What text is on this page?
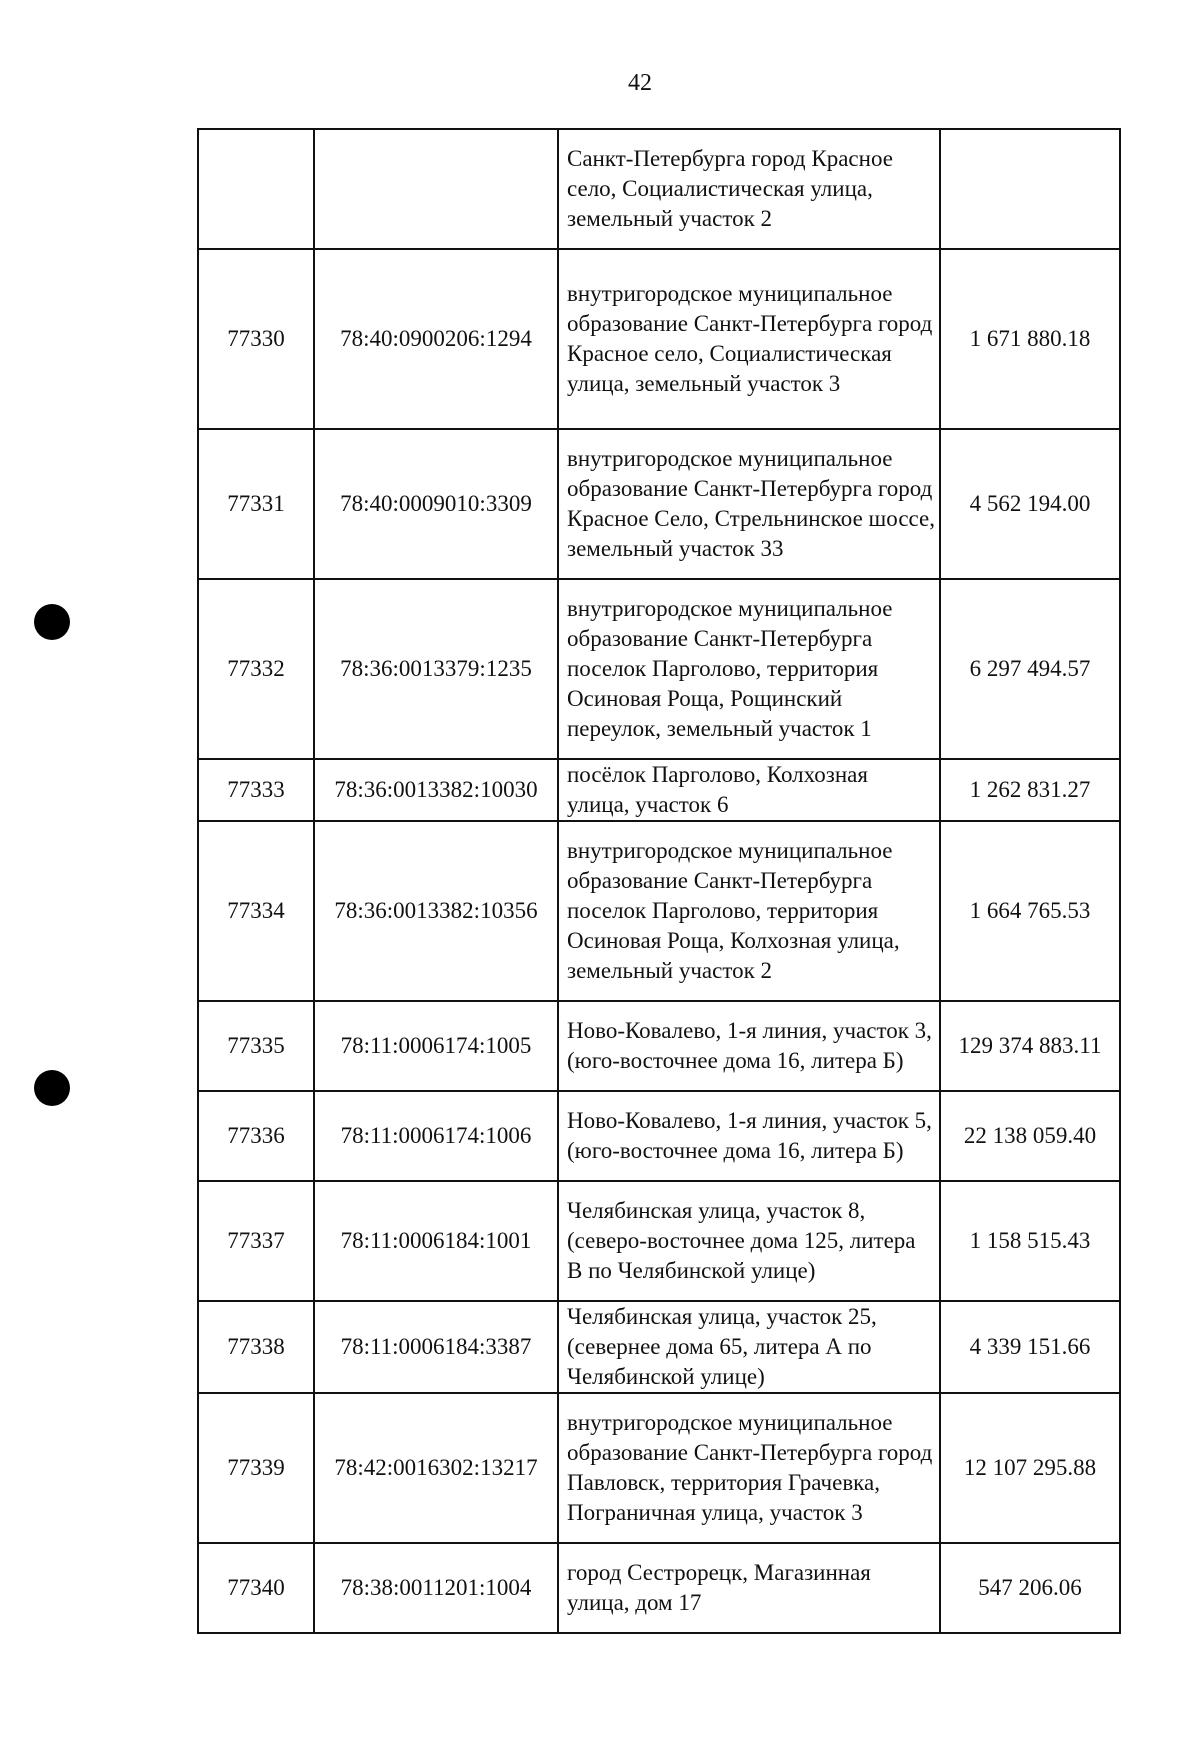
42
		Санкт-Петербурга город Красное село, Социалистическая улица, земельный участок 2	
77330	78:40:0900206:1294	внутригородское муниципальное образование Санкт-Петербурга город Красное село, Социалистическая улица, земельный участок 3	1 671 880.18
77331	78:40:0009010:3309	внутригородское муниципальное образование Санкт-Петербурга город Красное Село, Стрельнинское шоссе, земельный участок 33	4 562 194.00
77332	78:36:0013379:1235	внутригородское муниципальное образование Санкт-Петербурга поселок Парголово, территория Осиновая Роща, Рощинский переулок, земельный участок 1	6 297 494.57
77333	78:36:0013382:10030	посёлок Парголово, Колхозная улица, участок 6	1 262 831.27
77334	78:36:0013382:10356	внутригородское муниципальное образование Санкт-Петербурга поселок Парголово, территория Осиновая Роща, Колхозная улица, земельный участок 2	1 664 765.53
77335	78:11:0006174:1005	Ново-Ковалево, 1-я линия, участок 3, (юго-восточнее дома 16, литера Б)	129 374 883.11
77336	78:11:0006174:1006	Ново-Ковалево, 1-я линия, участок 5, (юго-восточнее дома 16, литера Б)	22 138 059.40
77337	78:11:0006184:1001	Челябинская улица, участок 8, (северо-восточнее дома 125, литера В по Челябинской улице)	1 158 515.43
77338	78:11:0006184:3387	Челябинская улица, участок 25, (севернее дома 65, литера А по Челябинской улице)	4 339 151.66
77339	78:42:0016302:13217	внутригородское муниципальное образование Санкт-Петербурга город Павловск, территория Грачевка, Пограничная улица, участок 3	12 107 295.88
77340	78:38:0011201:1004	город Сестрорецк, Магазинная улица, дом 17	547 206.06
